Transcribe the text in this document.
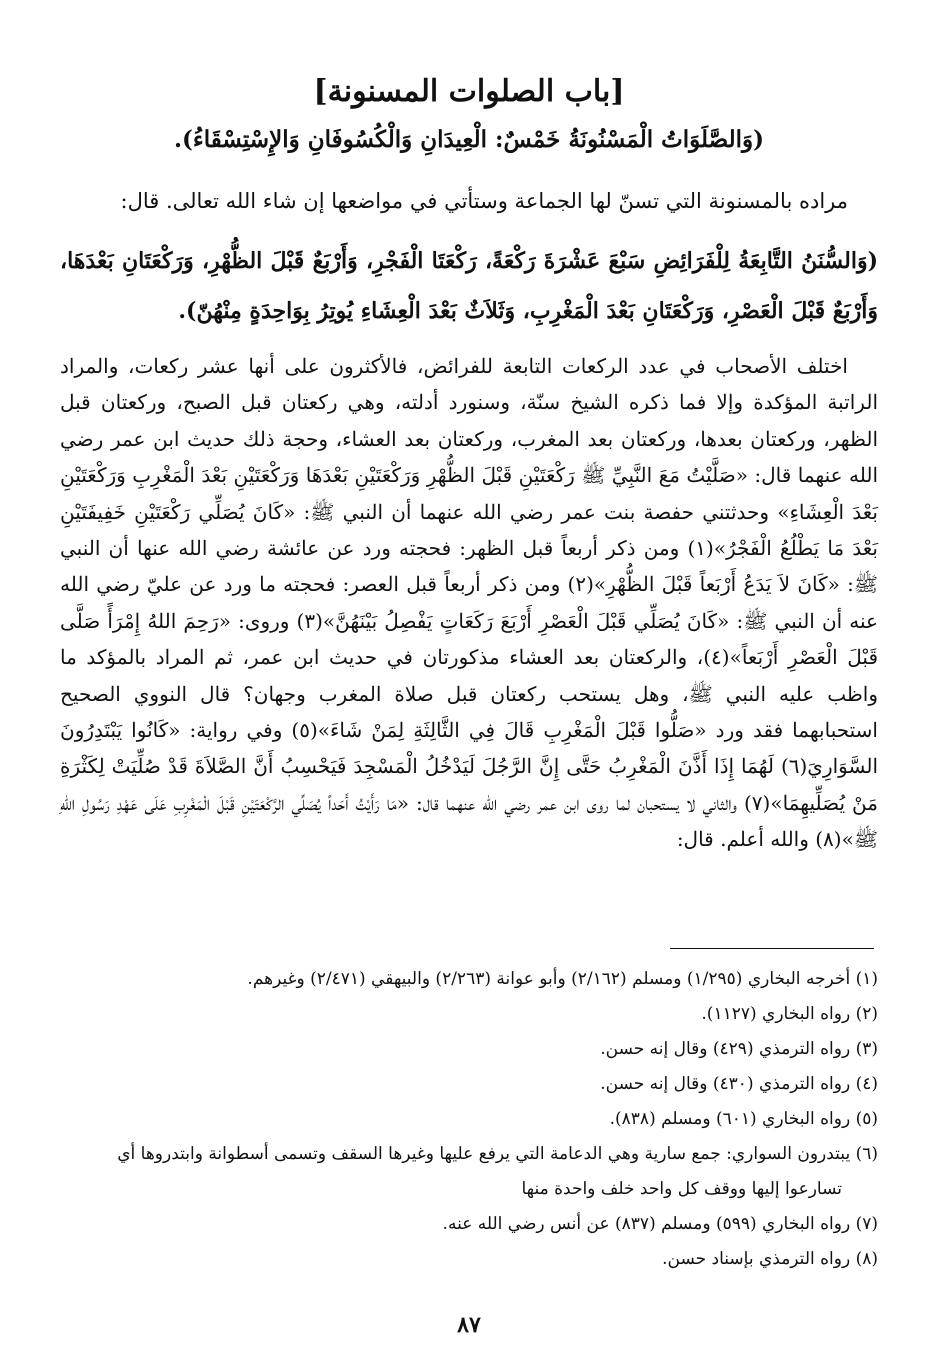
[باب الصلوات المسنونة]
(وَالصَّلَوَاتُ الْمَسْنُونَةُ خَمْسٌ: الْعِيدَانِ وَالْكُسُوفَانِ وَالإِسْتِسْقَاءُ).
مراده بالمسنونة التي تسنّ لها الجماعة وستأتي في مواضعها إن شاء الله تعالى. قال:
(وَالسُّنَنُ التَّابِعَةُ لِلْفَرَائِضِ سَبْعَ عَشْرَةَ رَكْعَةً، رَكْعَتَا الْفَجْرِ، وَأَرْبَعٌ قَبْلَ الظُّهْرِ، وَرَكْعَتَانِ بَعْدَهَا، وَأَرْبَعٌ قَبْلَ الْعَصْرِ، وَرَكْعَتَانِ بَعْدَ الْمَغْرِبِ، وَثَلاَثٌ بَعْدَ الْعِشَاءِ يُوتِرُ بِوَاحِدَةٍ مِنْهُنّ).
اختلف الأصحاب في عدد الركعات التابعة للفرائض، فالأكثرون على أنها عشر ركعات، والمراد الراتبة المؤكدة وإلا فما ذكره الشيخ سنّة، وسنورد أدلته، وهي ركعتان قبل الصبح، وركعتان قبل الظهر، وركعتان بعدها، وركعتان بعد المغرب، وركعتان بعد العشاء، وحجة ذلك حديث ابن عمر رضي الله عنهما قال: «صَلَّيْتُ مَعَ النَّبِيِّ ﷺ رَكْعَتَيْنِ قَبْلَ الظُّهْرِ وَرَكْعَتَيْنِ بَعْدَهَا وَرَكْعَتَيْنِ بَعْدَ الْمَغْرِبِ وَرَكْعَتَيْنِ بَعْدَ الْعِشَاءِ» وحدثتني حفصة بنت عمر رضي الله عنهما أن النبي ﷺ: «كَانَ يُصَلِّي رَكْعَتَيْنِ خَفِيفَتَيْنِ بَعْدَ مَا يَطْلُعُ الْفَجْرُ»(١) ومن ذكر أربعاً قبل الظهر: فحجته ورد عن عائشة رضي الله عنها أن النبي ﷺ: «كَانَ لاَ يَدَعُ أَرْبَعاً قَبْلَ الظُّهْرِ»(٢) ومن ذكر أربعاً قبل العصر: فحجته ما ورد عن عليّ رضي الله عنه أن النبي ﷺ: «كَانَ يُصَلِّي قَبْلَ الْعَصْرِ أَرْبَعَ رَكَعَاتٍ يَفْصِلُ بَيْنَهُنَّ»(٣) وروى: «رَحِمَ اللهُ إِمْرَأً صَلَّى قَبْلَ الْعَصْرِ أَرْبَعاً»(٤)، والركعتان بعد العشاء مذكورتان في حديث ابن عمر، ثم المراد بالمؤكد ما واظب عليه النبي ﷺ، وهل يستحب ركعتان قبل صلاة المغرب وجهان؟ قال النووي الصحيح استحبابهما فقد ورد «صَلُّوا قَبْلَ الْمَغْرِبِ قَالَ فِي الثَّالِثَةِ لِمَنْ شَاءَ»(٥) وفي رواية: «كَانُوا يَبْتَدِرُونَ السَّوَارِيَ(٦) لَهُمَا إِذَا أَذَّنَ الْمَغْرِبُ حَتَّى إِنَّ الرَّجُلَ لَيَدْخُلُ الْمَسْجِدَ فَيَحْسِبُ أَنَّ الصَّلاَةَ قَدْ صُلِّيَتْ لِكَثْرَةِ مَنْ يُصَلِّيهِمَا»(٧) والثاني لا يستحبان لما روى ابن عمر رضي الله عنهما قال: «مَا رَأَيْتُ أَحَداً يُصَلِّي الرَّكْعَتَيْنِ قَبْلَ الْمَغْرِبِ عَلَى عَهْدِ رَسُولِ اللهِ ﷺ»(٨) والله أعلم. قال:
(١) أخرجه البخاري (١/٢٩٥) ومسلم (٢/١٦٢) وأبو عوانة (٢/٢٦٣) والبيهقي (٢/٤٧١) وغيرهم.
(٢) رواه البخاري (١١٢٧).
(٣) رواه الترمذي (٤٢٩) وقال إنه حسن.
(٤) رواه الترمذي (٤٣٠) وقال إنه حسن.
(٥) رواه البخاري (٦٠١) ومسلم (٨٣٨).
(٦) يبتدرون السواري: جمع سارية وهي الدعامة التي يرفع عليها وغيرها السقف وتسمى أسطوانة وابتدروها أي تسارعوا إليها ووقف كل واحد خلف واحدة منها
(٧) رواه البخاري (٥٩٩) ومسلم (٨٣٧) عن أنس رضي الله عنه.
(٨) رواه الترمذي بإسناد حسن.
٨٧
